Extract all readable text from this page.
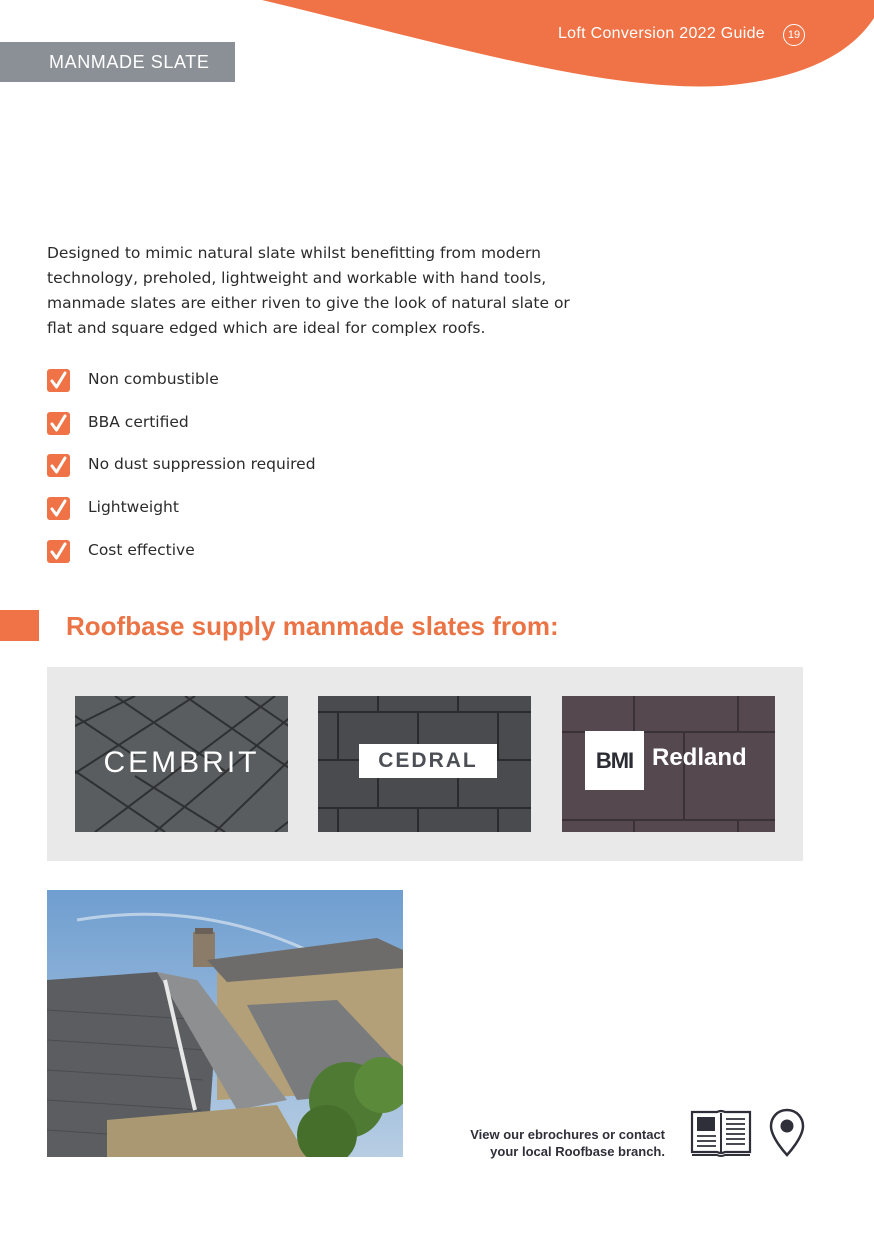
Loft Conversion 2022 Guide	19
MANMADE SLATE

Designed to mimic natural slate whilst benefitting from modern technology, preholed, lightweight and workable with hand tools, manmade slates are either riven to give the look of natural slate or flat and square edged which are ideal for complex roofs.

Non combustible
BBA certified
No dust suppression required
Lightweight
Cost effective
Roofbase supply manmade slates from:
CEMBRIT	CEDRAL	BMI Redland
View our ebrochures or contact
your local Roofbase branch.
